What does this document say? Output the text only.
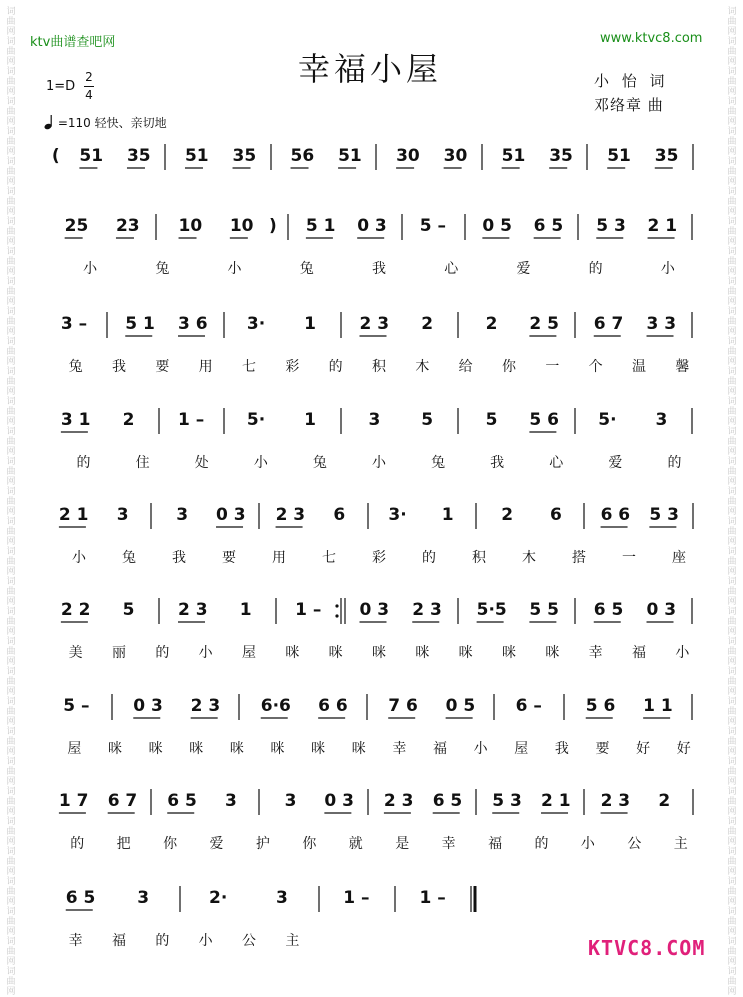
词
曲
网
词
曲
网
词
曲
网
词
曲
网
词
曲
网
词
曲
网
词
曲
网
词
曲
网
词
曲
网
词
曲
网
词
曲
网
词
曲
网
词
曲
网
词
曲
网
词
曲
网
词
曲
网
词
曲
网
词
曲
网
词
曲
网
词
曲
网
词
曲
网
词
曲
网
词
曲
网
词
曲
网
词
曲
网
词
曲
网
词
曲
网
词
曲
网
词
曲
网
词
曲
网
词
曲
网
词
曲
网
词
曲
网
词
曲
网
词
曲
网
词
曲
网
词
曲
网
词
曲
网
词
曲
网
词
曲
网
词
曲
网
词
曲
网
词
曲
网
词
曲
网
词
曲
网
词
曲
网
词
曲
网
词
曲
网
词
曲
网
词
曲
网
词
曲
网
词
曲
网
词
曲
网
词
曲
网
词
曲
网
词
曲
网
词
曲
网
词
曲
网
词
曲
网
词
曲
网
词
曲
网
词
曲
网
词
曲
网
词
曲
网
词
曲
网
词
曲
网
ktv曲谱查吧网	www.ktvc8.com
幸福小屋
1=D
2
4
=110 轻快、亲切地
小 怡 词
邓络章 曲
( 51 35 51 35 56 51 30 30 51 35 51 35
25 23 10 10 ) 5 1 0 3 5 – 0 5 6 5 5 3 2 1
小	兔	小	兔	我	心	爱	的	小
3 – 5 1 3 6 3· 1	2 3 2	2 2 5 6 7 3 3
兔 我 要 用 七 彩 的 积 木 给 你 一 个 温 馨
3 1 2	1 –	5· 1	3 5	5 5 6 5· 3
的	住	处	小	兔	小	兔	我	心	爱	的
2 1 3	3 0 3 2 3 6	3· 1	2 6 6 6 5 3
小	兔	我	要	用	七	彩	的	积	木	搭	一	座
2 2 5	2 3 1	1 – 0 3 2 3 5·5 5 5 6 5 0 3
美 丽 的 小 屋 咪 咪 咪 咪 咪 咪 咪 幸 福 小
5 –	0 3 2 3 6·6 6 6 7 6 0 5 6 –	5 6 1 1
屋 咪 咪 咪 咪 咪 咪 咪 幸 福 小 屋 我 要 好 好
1 7 6 7 6 5 3	3 0 3 2 3 6 5 5 3 2 1 2 3 2
的 把 你 爱 护 你 就 是 幸 福 的 小 公 主
6 5 3	2·	3	1 –	1 –
幸 福 的 小 公 主	KTVC8.COM
